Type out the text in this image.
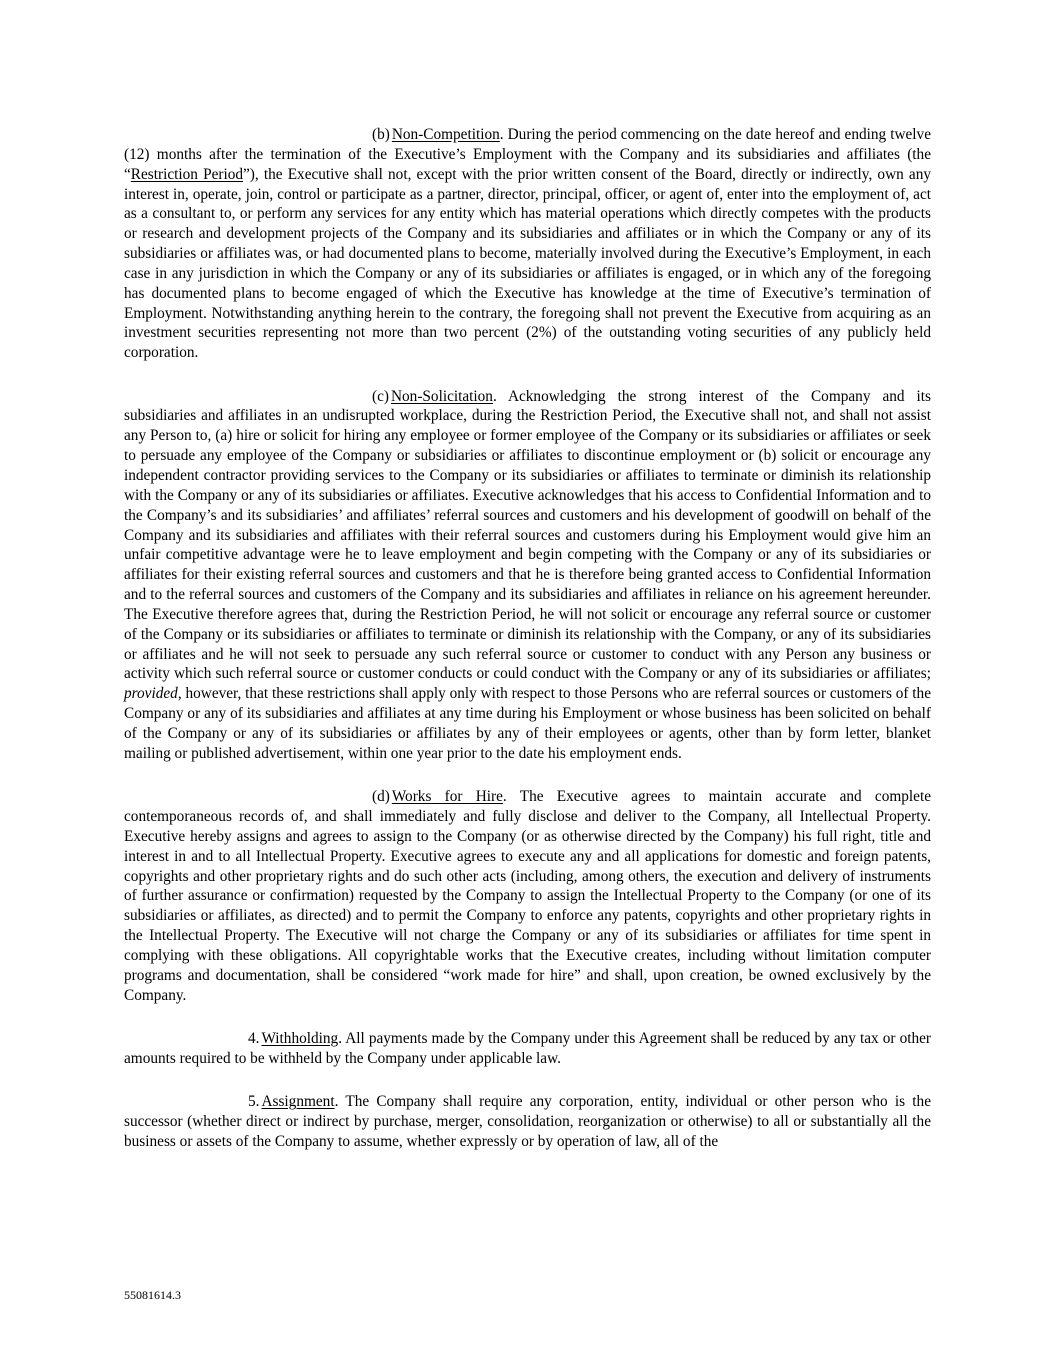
(b) Non-Competition. During the period commencing on the date hereof and ending twelve (12) months after the termination of the Executive’s Employment with the Company and its subsidiaries and affiliates (the “Restriction Period”), the Executive shall not, except with the prior written consent of the Board, directly or indirectly, own any interest in, operate, join, control or participate as a partner, director, principal, officer, or agent of, enter into the employment of, act as a consultant to, or perform any services for any entity which has material operations which directly competes with the products or research and development projects of the Company and its subsidiaries and affiliates or in which the Company or any of its subsidiaries or affiliates was, or had documented plans to become, materially involved during the Executive’s Employment, in each case in any jurisdiction in which the Company or any of its subsidiaries or affiliates is engaged, or in which any of the foregoing has documented plans to become engaged of which the Executive has knowledge at the time of Executive’s termination of Employment. Notwithstanding anything herein to the contrary, the foregoing shall not prevent the Executive from acquiring as an investment securities representing not more than two percent (2%) of the outstanding voting securities of any publicly held corporation.

(c) Non-Solicitation. Acknowledging the strong interest of the Company and its subsidiaries and affiliates in an undisrupted workplace, during the Restriction Period, the Executive shall not, and shall not assist any Person to, (a) hire or solicit for hiring any employee or former employee of the Company or its subsidiaries or affiliates or seek to persuade any employee of the Company or subsidiaries or affiliates to discontinue employment or (b) solicit or encourage any independent contractor providing services to the Company or its subsidiaries or affiliates to terminate or diminish its relationship with the Company or any of its subsidiaries or affiliates. Executive acknowledges that his access to Confidential Information and to the Company’s and its subsidiaries’ and affiliates’ referral sources and customers and his development of goodwill on behalf of the Company and its subsidiaries and affiliates with their referral sources and customers during his Employment would give him an unfair competitive advantage were he to leave employment and begin competing with the Company or any of its subsidiaries or affiliates for their existing referral sources and customers and that he is therefore being granted access to Confidential Information and to the referral sources and customers of the Company and its subsidiaries and affiliates in reliance on his agreement hereunder. The Executive therefore agrees that, during the Restriction Period, he will not solicit or encourage any referral source or customer of the Company or its subsidiaries or affiliates to terminate or diminish its relationship with the Company, or any of its subsidiaries or affiliates and he will not seek to persuade any such referral source or customer to conduct with any Person any business or activity which such referral source or customer conducts or could conduct with the Company or any of its subsidiaries or affiliates; provided, however, that these restrictions shall apply only with respect to those Persons who are referral sources or customers of the Company or any of its subsidiaries and affiliates at any time during his Employment or whose business has been solicited on behalf of the Company or any of its subsidiaries or affiliates by any of their employees or agents, other than by form letter, blanket mailing or published advertisement, within one year prior to the date his employment ends.

(d) Works for Hire. The Executive agrees to maintain accurate and complete contemporaneous records of, and shall immediately and fully disclose and deliver to the Company, all Intellectual Property. Executive hereby assigns and agrees to assign to the Company (or as otherwise directed by the Company) his full right, title and interest in and to all Intellectual Property. Executive agrees to execute any and all applications for domestic and foreign patents, copyrights and other proprietary rights and do such other acts (including, among others, the execution and delivery of instruments of further assurance or confirmation) requested by the Company to assign the Intellectual Property to the Company (or one of its subsidiaries or affiliates, as directed) and to permit the Company to enforce any patents, copyrights and other proprietary rights in the Intellectual Property. The Executive will not charge the Company or any of its subsidiaries or affiliates for time spent in complying with these obligations. All copyrightable works that the Executive creates, including without limitation computer programs and documentation, shall be considered “work made for hire” and shall, upon creation, be owned exclusively by the Company.

4. Withholding. All payments made by the Company under this Agreement shall be reduced by any tax or other amounts required to be withheld by the Company under applicable law.

5. Assignment. The Company shall require any corporation, entity, individual or other person who is the successor (whether direct or indirect by purchase, merger, consolidation, reorganization or otherwise) to all or substantially all the business or assets of the Company to assume, whether expressly or by operation of law, all of the

55081614.3
